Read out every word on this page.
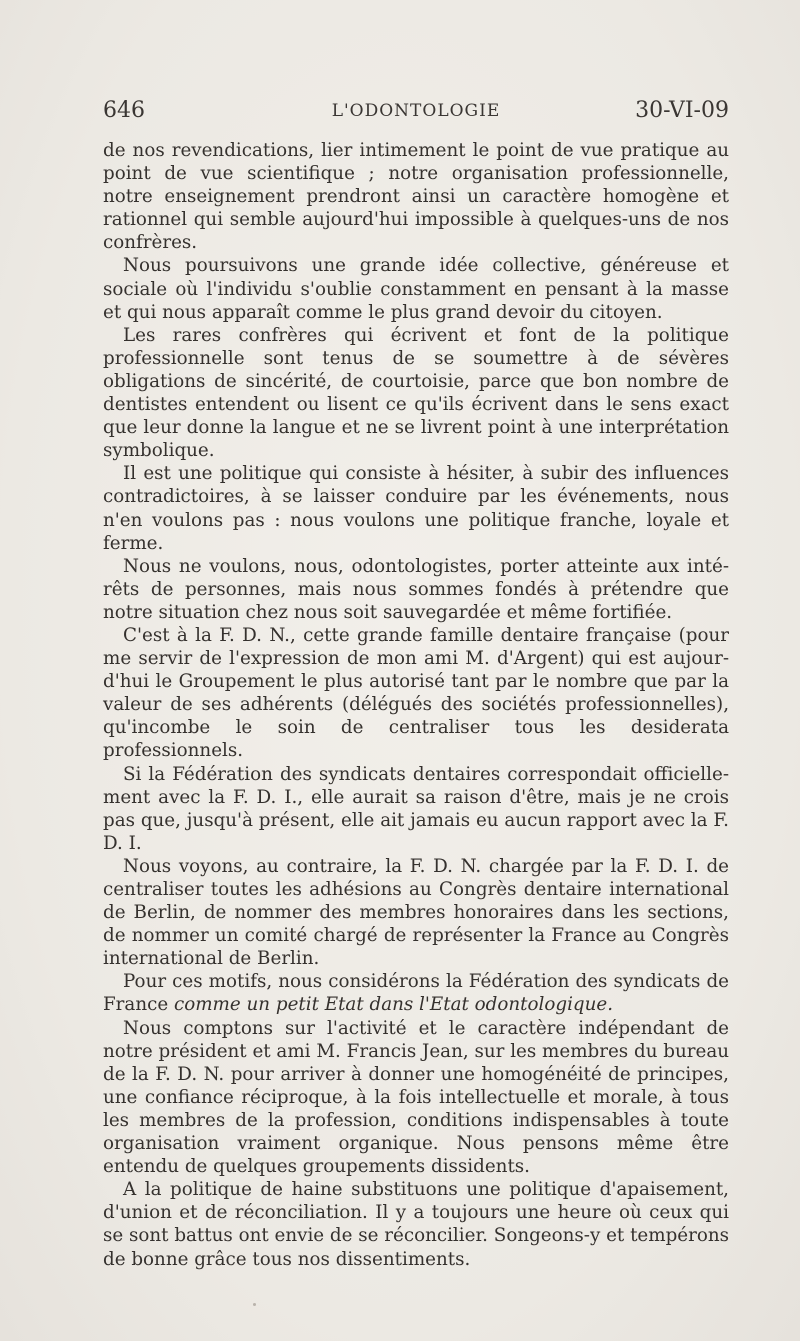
646	L'ODONTOLOGIE	30-VI-09

de nos revendications, lier intimement le point de vue pratique au point de vue scientifique ; notre organisation professionnelle, notre enseignement prendront ainsi un caractère homogène et rationnel qui semble aujourd'hui impossible à quelques-uns de nos confrères.

Nous poursuivons une grande idée collective, généreuse et sociale où l'individu s'oublie constamment en pensant à la masse et qui nous apparaît comme le plus grand devoir du citoyen.

Les rares confrères qui écrivent et font de la politique professionnelle sont tenus de se soumettre à de sévères obligations de sincérité, de courtoisie, parce que bon nombre de dentistes entendent ou lisent ce qu'ils écrivent dans le sens exact que leur donne la langue et ne se livrent point à une interprétation symbolique.

Il est une politique qui consiste à hésiter, à subir des influences contradictoires, à se laisser conduire par les événements, nous n'en voulons pas : nous voulons une politique franche, loyale et ferme.

Nous ne voulons, nous, odontologistes, porter atteinte aux intérêts de personnes, mais nous sommes fondés à prétendre que notre situation chez nous soit sauvegardée et même fortifiée.

C'est à la F. D. N., cette grande famille dentaire française (pour me servir de l'expression de mon ami M. d'Argent) qui est aujourd'hui le Groupement le plus autorisé tant par le nombre que par la valeur de ses adhérents (délégués des sociétés professionnelles), qu'incombe le soin de centraliser tous les desiderata professionnels.

Si la Fédération des syndicats dentaires correspondait officiellement avec la F. D. I., elle aurait sa raison d'être, mais je ne crois pas que, jusqu'à présent, elle ait jamais eu aucun rapport avec la F. D. I.

Nous voyons, au contraire, la F. D. N. chargée par la F. D. I. de centraliser toutes les adhésions au Congrès dentaire international de Berlin, de nommer des membres honoraires dans les sections, de nommer un comité chargé de représenter la France au Congrès international de Berlin.

Pour ces motifs, nous considérons la Fédération des syndicats de France comme un petit Etat dans l'Etat odontologique.

Nous comptons sur l'activité et le caractère indépendant de notre président et ami M. Francis Jean, sur les membres du bureau de la F. D. N. pour arriver à donner une homogénéité de principes, une confiance réciproque, à la fois intellectuelle et morale, à tous les membres de la profession, conditions indispensables à toute organisation vraiment organique. Nous pensons même être entendu de quelques groupements dissidents.

A la politique de haine substituons une politique d'apaisement, d'union et de réconciliation. Il y a toujours une heure où ceux qui se sont battus ont envie de se réconcilier. Songeons-y et tempérons de bonne grâce tous nos dissentiments.
